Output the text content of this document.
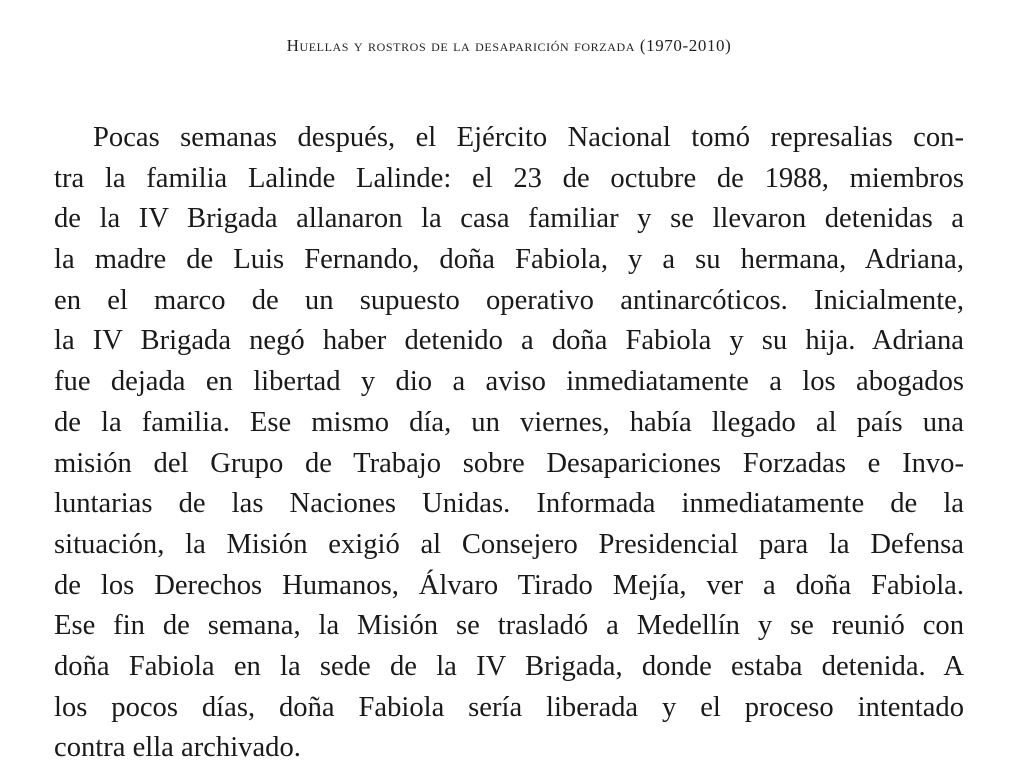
Huellas y rostros de la desaparición forzada (1970-2010)
Pocas semanas después, el Ejército Nacional tomó represalias con-
tra la familia Lalinde Lalinde: el 23 de octubre de 1988, miembros
de la IV Brigada allanaron la casa familiar y se llevaron detenidas a
la madre de Luis Fernando, doña Fabiola, y a su hermana, Adriana,
en el marco de un supuesto operativo antinarcóticos. Inicialmente,
la IV Brigada negó haber detenido a doña Fabiola y su hija. Adriana
fue dejada en libertad y dio a aviso inmediatamente a los abogados
de la familia. Ese mismo día, un viernes, había llegado al país una
misión del Grupo de Trabajo sobre Desapariciones Forzadas e Invo-
luntarias de las Naciones Unidas. Informada inmediatamente de la
situación, la Misión exigió al Consejero Presidencial para la Defensa
de los Derechos Humanos, Álvaro Tirado Mejía, ver a doña Fabiola.
Ese fin de semana, la Misión se trasladó a Medellín y se reunió con
doña Fabiola en la sede de la IV Brigada, donde estaba detenida. A
los pocos días, doña Fabiola sería liberada y el proceso intentado
contra ella archivado.
